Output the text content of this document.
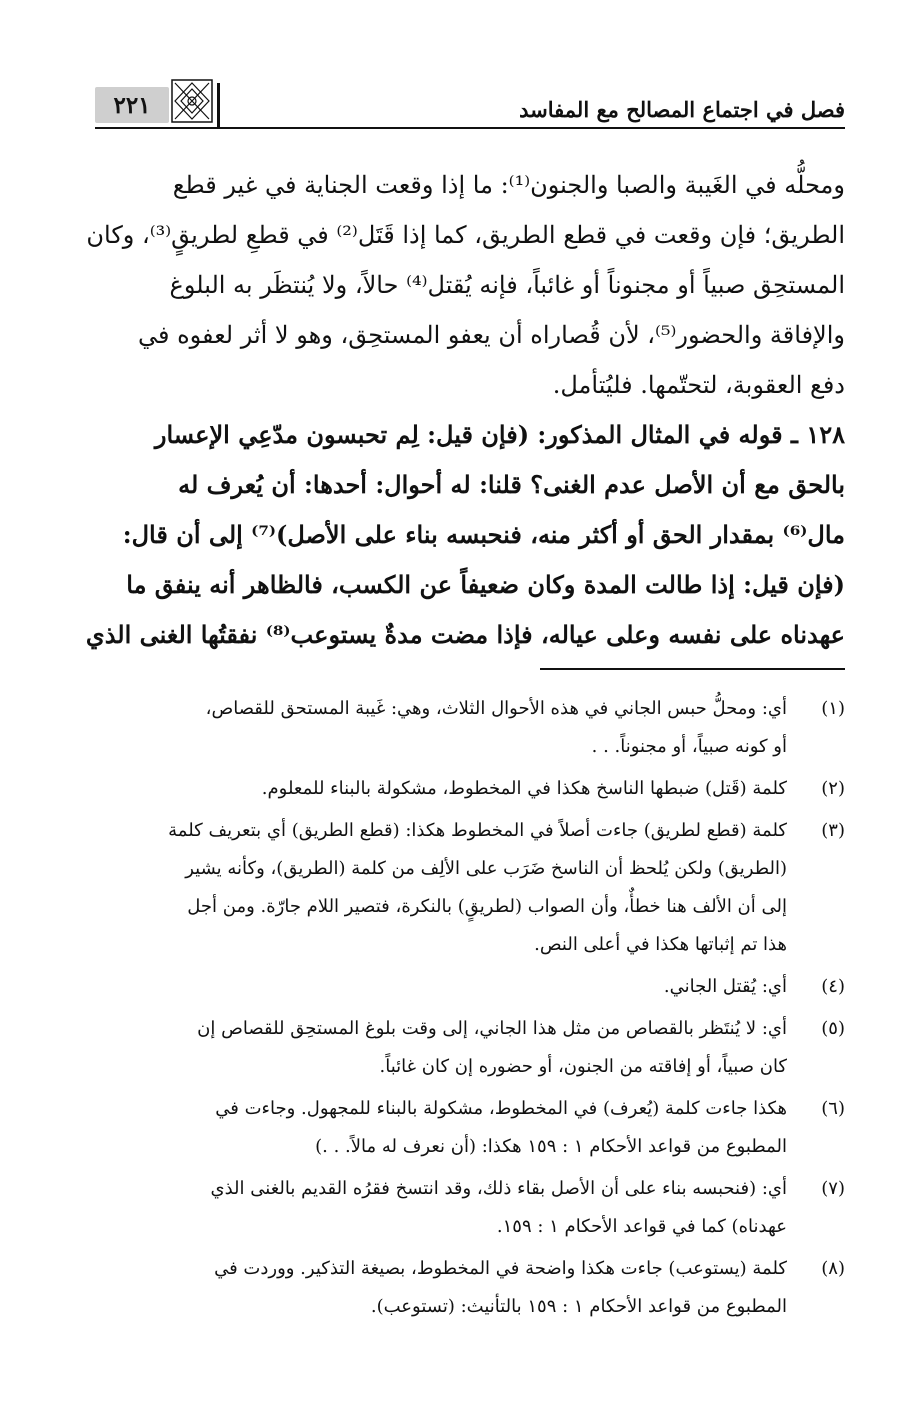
٢٢١	فصل في اجتماع المصالح مع المفاسد
ومحلُّه في الغَيبة والصبا والجنون⁽¹⁾: ما إذا وقعت الجناية في غير قطع
الطريق؛ فإن وقعت في قطع الطريق، كما إذا قَتَل⁽²⁾ في قطعِ لطريقٍ⁽³⁾، وكان
المستحِق صبياً أو مجنوناً أو غائباً، فإنه يُقتل⁽⁴⁾ حالاً، ولا يُنتظَر به البلوغ
والإفاقة والحضور⁽⁵⁾، لأن قُصاراه أن يعفو المستحِق، وهو لا أثر لعفوه في
دفع العقوبة، لتحتّمها. فليُتأمل.
١٢٨ ـ قوله في المثال المذكور: (فإن قيل: لِم تحبسون مدّعِي الإعسار
بالحق مع أن الأصل عدم الغنى؟ قلنا: له أحوال: أحدها: أن يُعرف له
مال⁽⁶⁾ بمقدار الحق أو أكثر منه، فنحبسه بناء على الأصل)⁽⁷⁾ إلى أن قال:
(فإن قيل: إذا طالت المدة وكان ضعيفاً عن الكسب، فالظاهر أنه ينفق ما
عهدناه على نفسه وعلى عياله، فإذا مضت مدةٌ يستوعب⁽⁸⁾ نفقتُها الغنى الذي
(١)
أي: ومحلُّ حبس الجاني في هذه الأحوال الثلاث، وهي: غَيبة المستحق للقصاص،
أو كونه صبياً، أو مجنوناً. . .
(٢)
كلمة (قَتل) ضبطها الناسخ هكذا في المخطوط، مشكولة بالبناء للمعلوم.
(٣)
كلمة (قطع لطريق) جاءت أصلاً في المخطوط هكذا: (قطع الطريق) أي بتعريف كلمة
(الطريق) ولكن يُلحظ أن الناسخ ضَرَب على الألِف من كلمة (الطريق)، وكأنه يشير
إلى أن الألف هنا خطأٌ، وأن الصواب (لطريقٍ) بالنكرة، فتصير اللام جارّة. ومن أجل
هذا تم إثباتها هكذا في أعلى النص.
(٤)
أي: يُقتل الجاني.
(٥)
أي: لا يُنتَظر بالقصاص من مثل هذا الجاني، إلى وقت بلوغ المستحِق للقصاص إن
كان صبياً، أو إفاقته من الجنون، أو حضوره إن كان غائباً.
(٦)
هكذا جاءت كلمة (يُعرف) في المخطوط، مشكولة بالبناء للمجهول. وجاءت في
المطبوع من قواعد الأحكام ١ : ١٥٩ هكذا: (أن نعرف له مالاً. . .)
(٧)
أي: (فنحبسه بناء على أن الأصل بقاء ذلك، وقد انتسخ فقرُه القديم بالغنى الذي
عهدناه) كما في قواعد الأحكام ١ : ١٥٩.
(٨)
كلمة (يستوعب) جاءت هكذا واضحة في المخطوط، بصيغة التذكير. ووردت في
المطبوع من قواعد الأحكام ١ : ١٥٩ بالتأنيث: (تستوعب).
